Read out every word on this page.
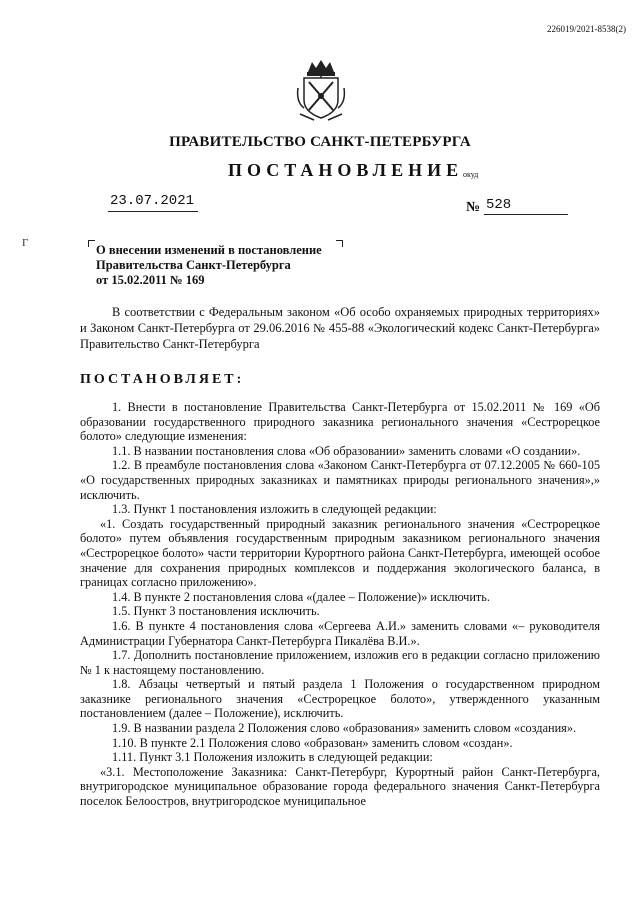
226019/2021-8538(2)
ПРАВИТЕЛЬСТВО САНКТ-ПЕТЕРБУРГА
ПОСТАНОВЛЕНИЕ окуд
23.07.2021	№ 528
Г	О внесении изменений в постановление
Правительства Санкт-Петербурга
от 15.02.2011 № 169
В соответствии с Федеральным законом «Об особо охраняемых природных территориях» и Законом Санкт-Петербурга от 29.06.2016 № 455-88 «Экологический кодекс Санкт-Петербурга» Правительство Санкт-Петербурга
ПОСТАНОВЛЯЕТ:

1. Внести в постановление Правительства Санкт-Петербурга от 15.02.2011 № 169 «Об образовании государственного природного заказника регионального значения «Сестрорецкое болото» следующие изменения:

1.1. В названии постановления слова «Об образовании» заменить словами «О создании».

1.2. В преамбуле постановления слова «Законом Санкт-Петербурга от 07.12.2005 № 660-105 «О государственных природных заказниках и памятниках природы регионального значения»,» исключить.

1.3. Пункт 1 постановления изложить в следующей редакции:

«1. Создать государственный природный заказник регионального значения «Сестрорецкое болото» путем объявления государственным природным заказником регионального значения «Сестрорецкое болото» части территории Курортного района Санкт-Петербурга, имеющей особое значение для сохранения природных комплексов и поддержания экологического баланса, в границах согласно приложению».

1.4. В пункте 2 постановления слова «(далее – Положение)» исключить.

1.5. Пункт 3 постановления исключить.

1.6. В пункте 4 постановления слова «Сергеева А.И.» заменить словами «– руководителя Администрации Губернатора Санкт-Петербурга Пикалёва В.И.».

1.7. Дополнить постановление приложением, изложив его в редакции согласно приложению № 1 к настоящему постановлению.

1.8. Абзацы четвертый и пятый раздела 1 Положения о государственном природном заказнике регионального значения «Сестрорецкое болото», утвержденного указанным постановлением (далее – Положение), исключить.

1.9. В названии раздела 2 Положения слово «образования» заменить словом «создания».

1.10. В пункте 2.1 Положения слово «образован» заменить словом «создан».

1.11. Пункт 3.1 Положения изложить в следующей редакции:

«3.1. Местоположение Заказника: Санкт-Петербург, Курортный район Санкт-Петербурга, внутригородское муниципальное образование города федерального значения Санкт-Петербурга поселок Белоостров, внутригородское муниципальное
